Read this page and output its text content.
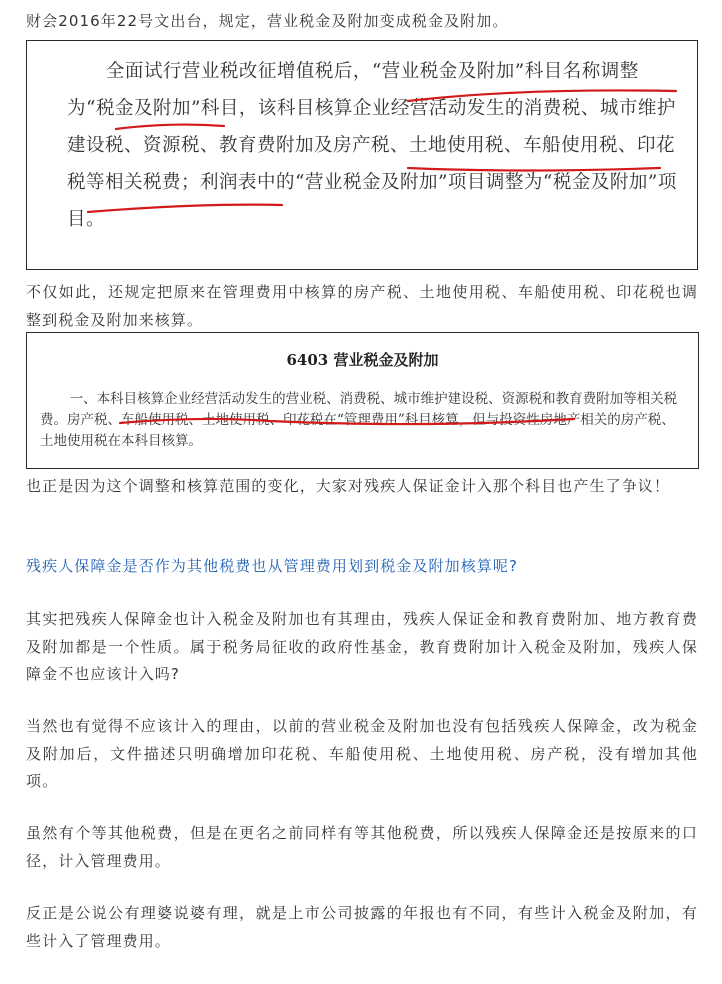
财会2016年22号文出台，规定，营业税金及附加变成税金及附加。

全面试行营业税改征增值税后，“营业税金及附加”科目名称调整为“税金及附加”科目，该科目核算企业经营活动发生的消费税、城市维护建设税、资源税、教育费附加及房产税、土地使用税、车船使用税、印花税等相关税费；利润表中的“营业税金及附加”项目调整为“税金及附加”项目。

不仅如此，还规定把原来在管理费用中核算的房产税、土地使用税、车船使用税、印花税也调整到税金及附加来核算。

6403 营业税金及附加

一、本科目核算企业经营活动发生的营业税、消费税、城市维护建设税、资源税和教育费附加等相关税费。房产税、车船使用税、土地使用税、印花税在“管理费用”科目核算，但与投资性房地产相关的房产税、土地使用税在本科目核算。

也正是因为这个调整和核算范围的变化，大家对残疾人保证金计入那个科目也产生了争议！

残疾人保障金是否作为其他税费也从管理费用划到税金及附加核算呢?

其实把残疾人保障金也计入税金及附加也有其理由，残疾人保证金和教育费附加、地方教育费及附加都是一个性质。属于税务局征收的政府性基金，教育费附加计入税金及附加，残疾人保障金不也应该计入吗?

当然也有觉得不应该计入的理由，以前的营业税金及附加也没有包括残疾人保障金，改为税金及附加后，文件描述只明确增加印花税、车船使用税、土地使用税、房产税，没有增加其他项。

虽然有个等其他税费，但是在更名之前同样有等其他税费，所以残疾人保障金还是按原来的口径，计入管理费用。

反正是公说公有理婆说婆有理，就是上市公司披露的年报也有不同，有些计入税金及附加，有些计入了管理费用。
